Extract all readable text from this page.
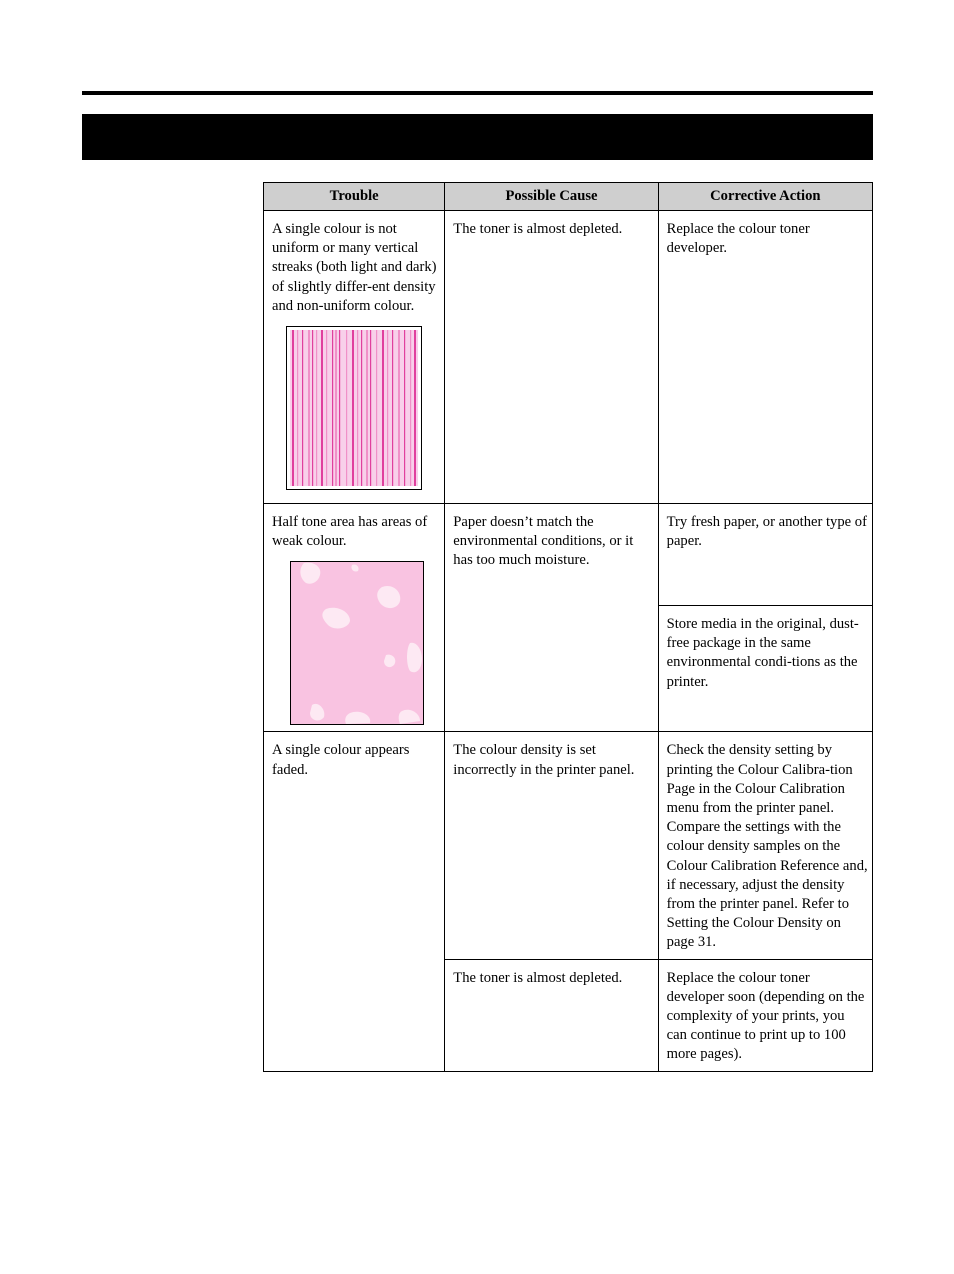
Trouble	Possible Cause	Corrective Action

A single colour is not uniform or many vertical streaks (both light and dark) of slightly differ-ent density and non-uniform colour.	The toner is almost depleted.	Replace the colour toner developer.

Half tone area has areas of weak colour.	Paper doesn’t match the environmental conditions, or it has too much moisture.	Try fresh paper, or another type of paper.

		Store media in the original, dust-free package in the same environmental condi-tions as the printer.

A single colour appears faded.	The colour density is set incorrectly in the printer panel.	Check the density setting by printing the Colour Calibra-tion Page in the Colour Calibration menu from the printer panel. Compare the settings with the colour density samples on the Colour Calibration Reference and, if necessary, adjust the density from the printer panel. Refer to Setting the Colour Density on page 31.

	The toner is almost depleted.	Replace the colour toner developer soon (depending on the complexity of your prints, you can continue to print up to 100 more pages).
